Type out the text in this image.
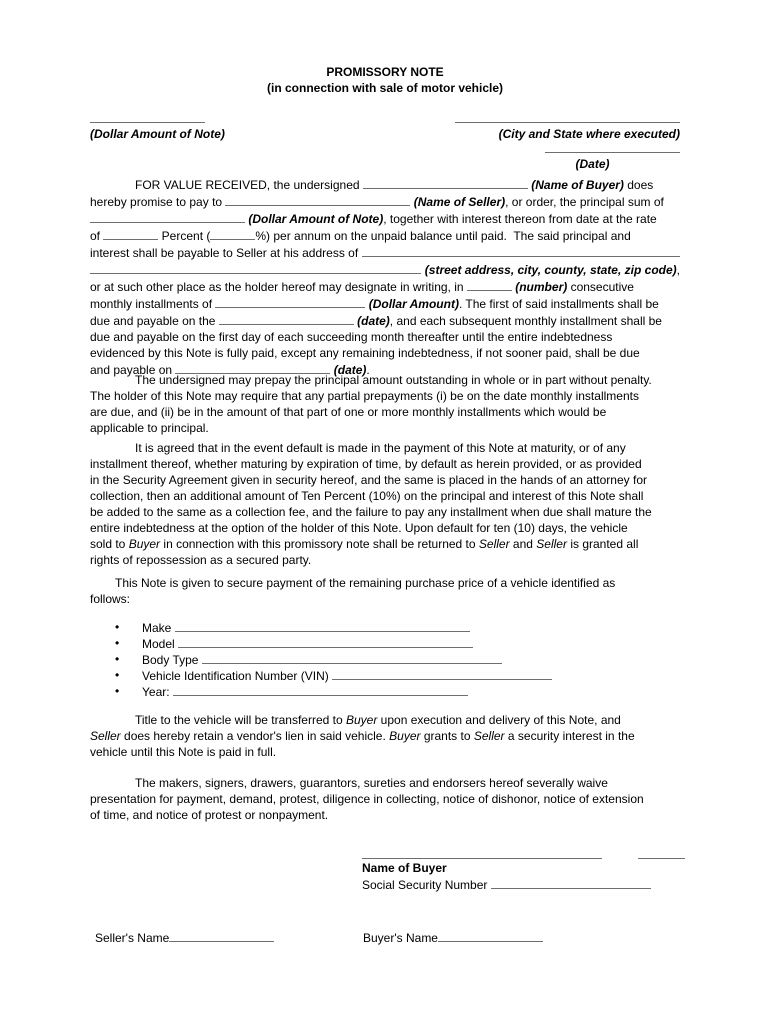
PROMISSORY NOTE
(in connection with sale of motor vehicle)
(Dollar Amount of Note)	(City and State where executed)
(Date)
FOR VALUE RECEIVED, the undersigned	(Name of Buyer) does
hereby promise to pay to	(Name of Seller), or order, the principal sum of
(Dollar Amount of Note), together with interest thereon from date at the rate
of	Percent (	%) per annum on the unpaid balance until paid.  The said principal and
interest shall be payable to Seller at his address of

(street address, city, county, state, zip code) ,
or at such other place as the holder hereof may designate in writing, in	(number) consecutive
monthly installments of	(Dollar Amount). The first of said installments shall be
due and payable on the	(date), and each subsequent monthly installment shall be
due and payable on the first day of each succeeding month thereafter until the entire indebtedness
evidenced by this Note is fully paid, except any remaining indebtedness, if not sooner paid, shall be due
and payable on	(date).
The undersigned may prepay the principal amount outstanding in whole or in part without penalty.
The holder of this Note may require that any partial prepayments (i) be on the date monthly installments
are due, and (ii) be in the amount of that part of one or more monthly installments which would be
applicable to principal.
It is agreed that in the event default is made in the payment of this Note at maturity, or of any
installment thereof, whether maturing by expiration of time, by default as herein provided, or as provided
in the Security Agreement given in security hereof, and the same is placed in the hands of an attorney for
collection, then an additional amount of Ten Percent (10%) on the principal and interest of this Note shall
be added to the same as a collection fee, and the failure to pay any installment when due shall mature the
entire indebtedness at the option of the holder of this Note. Upon default for ten (10) days, the vehicle
sold to Buyer in connection with this promissory note shall be returned to Seller and Seller is granted all
rights of repossession as a secured party.
This Note is given to secure payment of the remaining purchase price of a vehicle identified as
follows:
Title to the vehicle will be transferred to Buyer upon execution and delivery of this Note, and
Seller does hereby retain a vendor's lien in said vehicle. Buyer grants to Seller a security interest in the
vehicle until this Note is paid in full.
The makers, signers, drawers, guarantors, sureties and endorsers hereof severally waive
presentation for payment, demand, protest, diligence in collecting, notice of dishonor, notice of extension
of time, and notice of protest or nonpayment.
• Make
• Model
• Body Type
• Vehicle Identification Number (VIN)
• Year:
Name of Buyer
Social Security Number
Seller's Name	Buyer's Name
